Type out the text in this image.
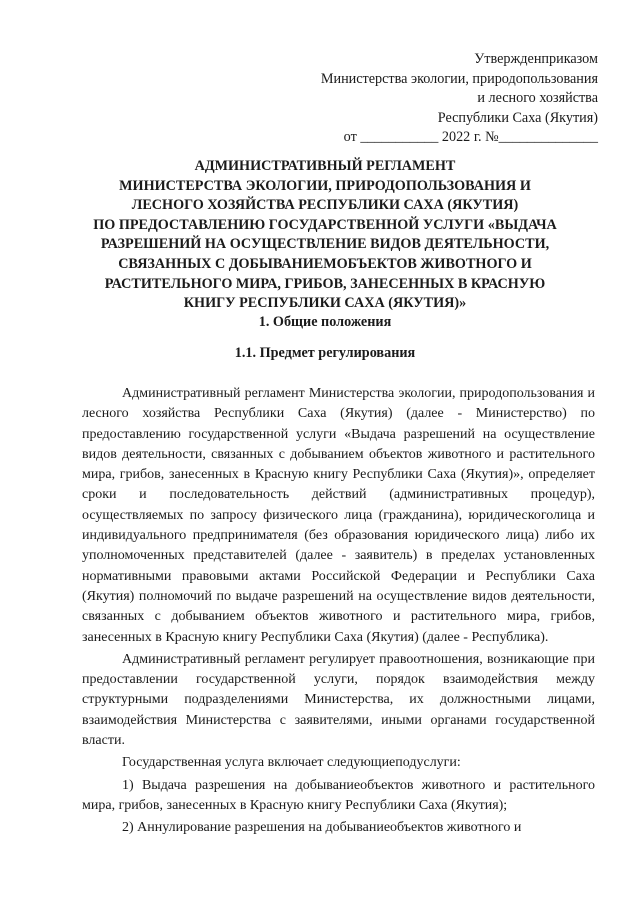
Утвержденприказом
Министерства экологии, природопользования
и лесного хозяйства
Республики Саха (Якутия)
от ___________ 2022 г. №______________
АДМИНИСТРАТИВНЫЙ РЕГЛАМЕНТ
МИНИСТЕРСТВА ЭКОЛОГИИ, ПРИРОДОПОЛЬЗОВАНИЯ И
ЛЕСНОГО ХОЗЯЙСТВА РЕСПУБЛИКИ САХА (ЯКУТИЯ)
ПО ПРЕДОСТАВЛЕНИЮ ГОСУДАРСТВЕННОЙ УСЛУГИ «ВЫДАЧА
РАЗРЕШЕНИЙ НА ОСУЩЕСТВЛЕНИЕ ВИДОВ ДЕЯТЕЛЬНОСТИ,
СВЯЗАННЫХ С ДОБЫВАНИЕМОБЪЕКТОВ ЖИВОТНОГО И
РАСТИТЕЛЬНОГО МИРА, ГРИБОВ, ЗАНЕСЕННЫХ В КРАСНУЮ
КНИГУ РЕСПУБЛИКИ САХА (ЯКУТИЯ)»
1. Общие положения
1.1. Предмет регулирования

Административный регламент Министерства экологии, природопользования и лесного хозяйства Республики Саха (Якутия) (далее - Министерство) по предоставлению государственной услуги «Выдача разрешений на осуществление видов деятельности, связанных с добыванием объектов животного и растительного мира, грибов, занесенных в Красную книгу Республики Саха (Якутия)», определяет сроки и последовательность действий (административных процедур), осуществляемых по запросу физического лица (гражданина), юридическоголица и индивидуального предпринимателя (без образования юридического лица) либо их уполномоченных представителей (далее - заявитель) в пределах установленных нормативными правовыми актами Российской Федерации и Республики Саха (Якутия) полномочий по выдаче разрешений на осуществление видов деятельности, связанных с добыванием объектов животного и растительного мира, грибов, занесенных в Красную книгу Республики Саха (Якутия) (далее - Республика).

Административный регламент регулирует правоотношения, возникающие при предоставлении государственной услуги, порядок взаимодействия между структурными подразделениями Министерства, их должностными лицами, взаимодействия Министерства с заявителями, иными органами государственной власти.

Государственная услуга включает следующиеподуслуги:

1) Выдача разрешения на добываниеобъектов животного и растительного мира, грибов, занесенных в Красную книгу Республики Саха (Якутия);

2) Аннулирование разрешения на добываниеобъектов животного и
